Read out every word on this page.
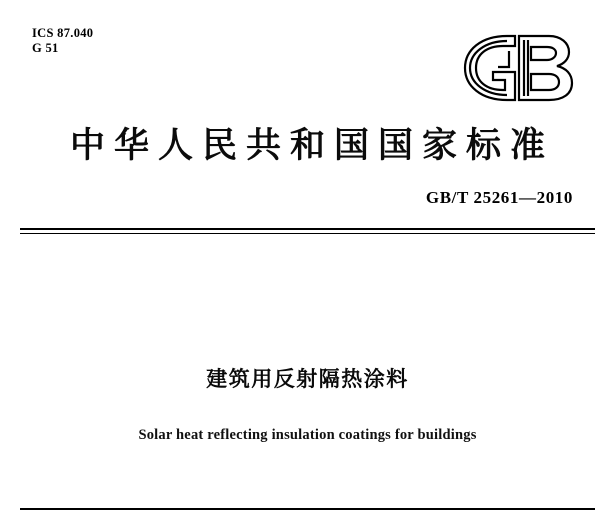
ICS 87.040
G 51
中华人民共和国国家标准
GB/T 25261—2010
建筑用反射隔热涂料
Solar heat reflecting insulation coatings for buildings
